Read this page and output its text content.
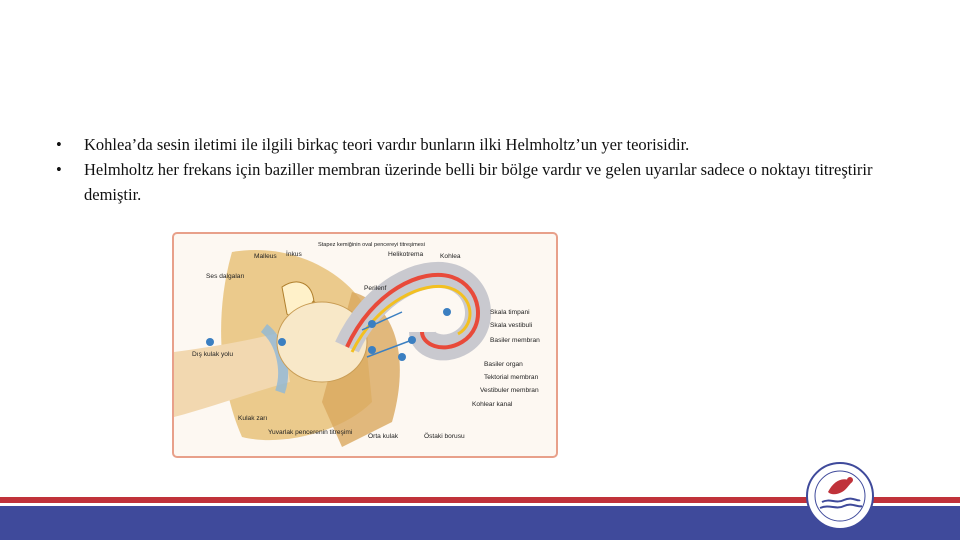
• Kohlea’da sesin iletimi ile ilgili birkaç teori vardır bunların ilki Helmholtz’un yer teorisidir.
• Helmholtz her frekans için baziller membran üzerinde belli bir bölge vardır ve gelen uyarılar sadece o noktayı titreştirir demiştir.
Malleus İnkus
Stapez kemiğinin oval pencereyi titreşimesi
Helikotrema	Kohlea
Ses dalgaları
Perilenf
Skala timpani
Skala vestibuli
Basiler membran
Dış kulak yolu
Basiler organ
Tektorial membran
Vestibuler membran
Kohlear kanal
Kulak zarı
Yuvarlak pencerenin titreşimi
Orta kulak	Östaki borusu
